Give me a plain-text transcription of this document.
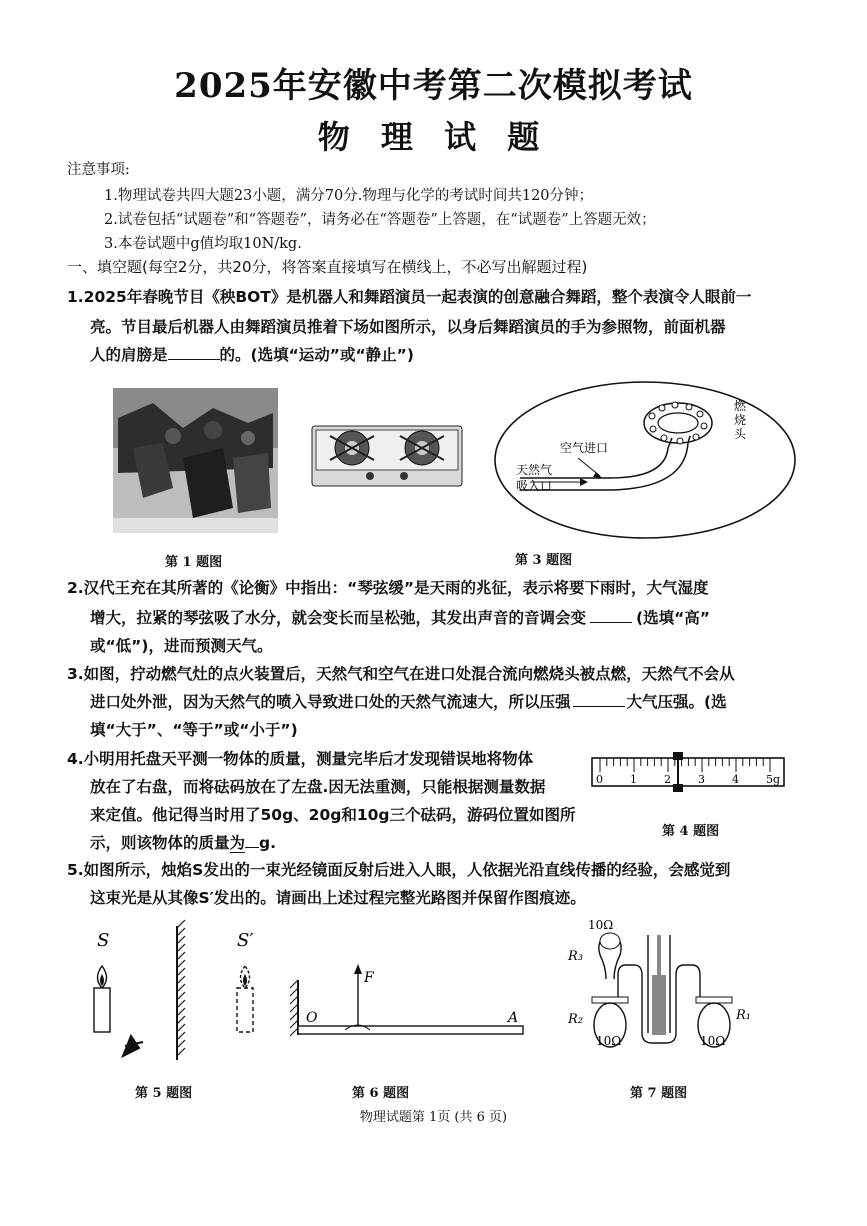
2025年安徽中考第二次模拟考试
物 理 试 题
注意事项:
1.物理试卷共四大题23小题，满分70分.物理与化学的考试时间共120分钟；
2.试卷包括“试题卷”和“答题卷”，请务必在“答题卷”上答题，在“试题卷”上答题无效；
3.本卷试题中g值均取10N/kg.
一、填空题(每空2分，共20分，将答案直接填写在横线上，不必写出解题过程)
1.2025年春晚节目《秧BOT》是机器人和舞蹈演员一起表演的创意融合舞蹈，整个表演令人眼前一
亮。节目最后机器人由舞蹈演员推着下场如图所示，以身后舞蹈演员的手为参照物，前面机器
人的肩膀是	的。(选填“运动”或“静止”)
第 1 题图
空气进口
天然气
吸入口
燃
烧
头
第 3 题图
2.汉代王充在其所著的《论衡》中指出：“琴弦缓”是天雨的兆征，表示将要下雨时，大气湿度
增大，拉紧的琴弦吸了水分，就会变长而呈松弛，其发出声音的音调会变	(选填“高”
或“低”)，进而预测天气。
3.如图，拧动燃气灶的点火装置后，天然气和空气在进口处混合流向燃烧头被点燃，天然气不会从
进口处外泄，因为天然气的喷入导致进口处的天然气流速大，所以压强	大气压强。(选
填“大于”、“等于”或“小于”)
4.小明用托盘天平测一物体的质量，测量完毕后才发现错误地将物体
放在了右盘，而将砝码放在了左盘.因无法重测，只能根据测量数据
来定值。他记得当时用了50g、20g和10g三个砝码，游码位置如图所
示，则该物体的质量为 g.
0 1 2 3 4 5g
第 4 题图
5.如图所示，烛焰S发出的一束光经镜面反射后进入人眼，人依据光沿直线传播的经验，会感觉到
这束光是从其像S′发出的。请画出上述过程完整光路图并保留作图痕迹。
S	S′
第 5 题图
F
O	A
第 6 题图
10Ω
R₃
10Ω
R₂
10Ω
R₁
第 7 题图
物理试题第 1页 (共 6 页)
